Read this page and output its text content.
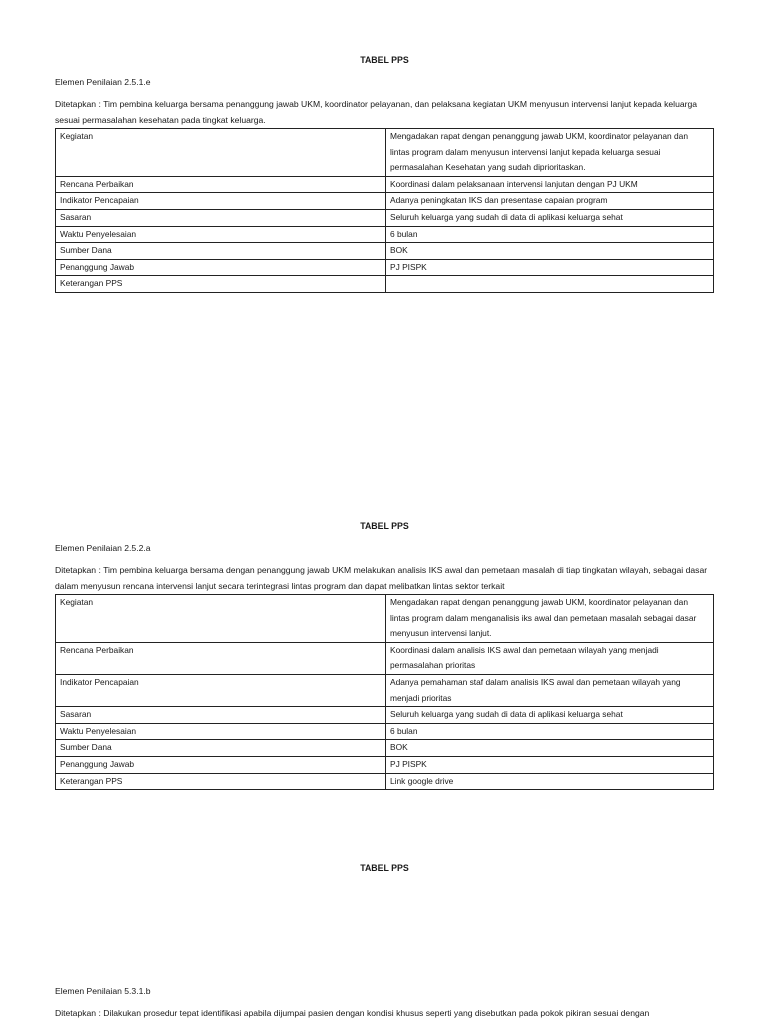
TABEL PPS
Elemen Penilaian 2.5.1.e
Ditetapkan : Tim pembina keluarga bersama penanggung jawab UKM, koordinator pelayanan, dan pelaksana kegiatan UKM menyusun intervensi lanjut kepada keluarga sesuai permasalahan kesehatan pada tingkat keluarga.
Kegiatan	Mengadakan rapat dengan penanggung jawab UKM, koordinator pelayanan dan lintas program dalam menyusun intervensi lanjut kepada keluarga sesuai permasalahan Kesehatan yang sudah diprioritaskan.
Rencana Perbaikan	Koordinasi dalam pelaksanaan intervensi lanjutan dengan PJ UKM
Indikator Pencapaian	Adanya peningkatan IKS dan presentase capaian program
Sasaran	Seluruh keluarga yang sudah di data di aplikasi keluarga sehat
Waktu Penyelesaian	6 bulan
Sumber Dana	BOK
Penanggung Jawab	PJ PISPK
Keterangan PPS	
TABEL PPS
Elemen Penilaian 2.5.2.a
Ditetapkan : Tim pembina keluarga bersama dengan penanggung jawab UKM melakukan analisis IKS awal dan pemetaan masalah di tiap tingkatan wilayah, sebagai dasar dalam menyusun rencana intervensi lanjut secara terintegrasi lintas program dan dapat melibatkan lintas sektor terkait
Kegiatan	Mengadakan rapat dengan penanggung jawab UKM, koordinator pelayanan dan lintas program dalam menganalisis iks awal dan pemetaan masalah sebagai dasar menyusun intervensi lanjut.
Rencana Perbaikan	Koordinasi dalam analisis IKS awal dan pemetaan wilayah yang menjadi permasalahan prioritas
Indikator Pencapaian	Adanya pemahaman staf dalam analisis IKS awal dan pemetaan wilayah yang menjadi prioritas
Sasaran	Seluruh keluarga yang sudah di data di aplikasi keluarga sehat
Waktu Penyelesaian	6 bulan
Sumber Dana	BOK
Penanggung Jawab	PJ PISPK
Keterangan PPS	Link google drive
TABEL PPS
Elemen Penilaian 5.3.1.b
Ditetapkan : Dilakukan prosedur tepat identifikasi apabila dijumpai pasien dengan kondisi khusus seperti yang disebutkan pada pokok pikiran sesuai dengan
